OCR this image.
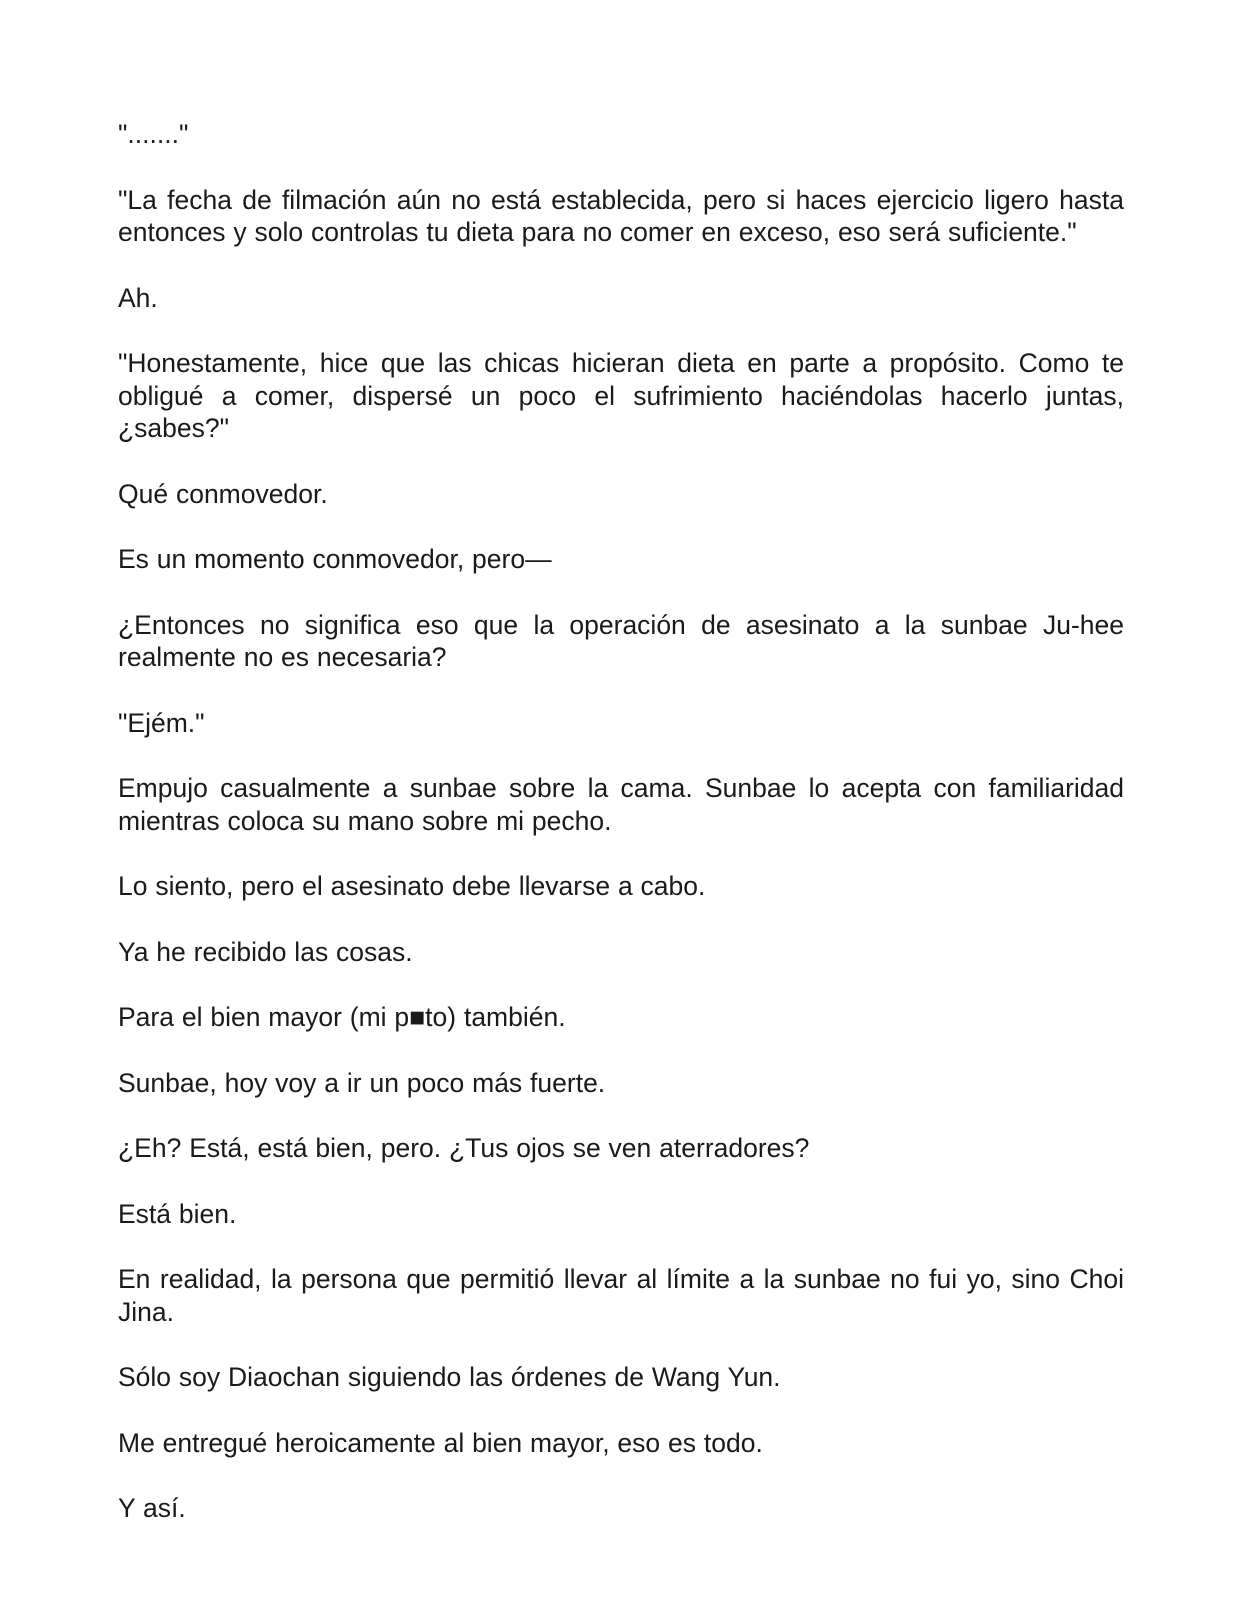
"......."

"La fecha de filmación aún no está establecida, pero si haces ejercicio ligero hasta entonces y solo controlas tu dieta para no comer en exceso, eso será suficiente."

Ah.

"Honestamente, hice que las chicas hicieran dieta en parte a propósito. Como te obligué a comer, dispersé un poco el sufrimiento haciéndolas hacerlo juntas, ¿sabes?"

Qué conmovedor.

Es un momento conmovedor, pero—

¿Entonces no significa eso que la operación de asesinato a la sunbae Ju-hee realmente no es necesaria?

"Ejém."

Empujo casualmente a sunbae sobre la cama. Sunbae lo acepta con familiaridad mientras coloca su mano sobre mi pecho.

Lo siento, pero el asesinato debe llevarse a cabo.

Ya he recibido las cosas.

Para el bien mayor (mi p■to) también.

Sunbae, hoy voy a ir un poco más fuerte.

¿Eh? Está, está bien, pero. ¿Tus ojos se ven aterradores?

Está bien.

En realidad, la persona que permitió llevar al límite a la sunbae no fui yo, sino Choi Jina.

Sólo soy Diaochan siguiendo las órdenes de Wang Yun.

Me entregué heroicamente al bien mayor, eso es todo.

Y así.
